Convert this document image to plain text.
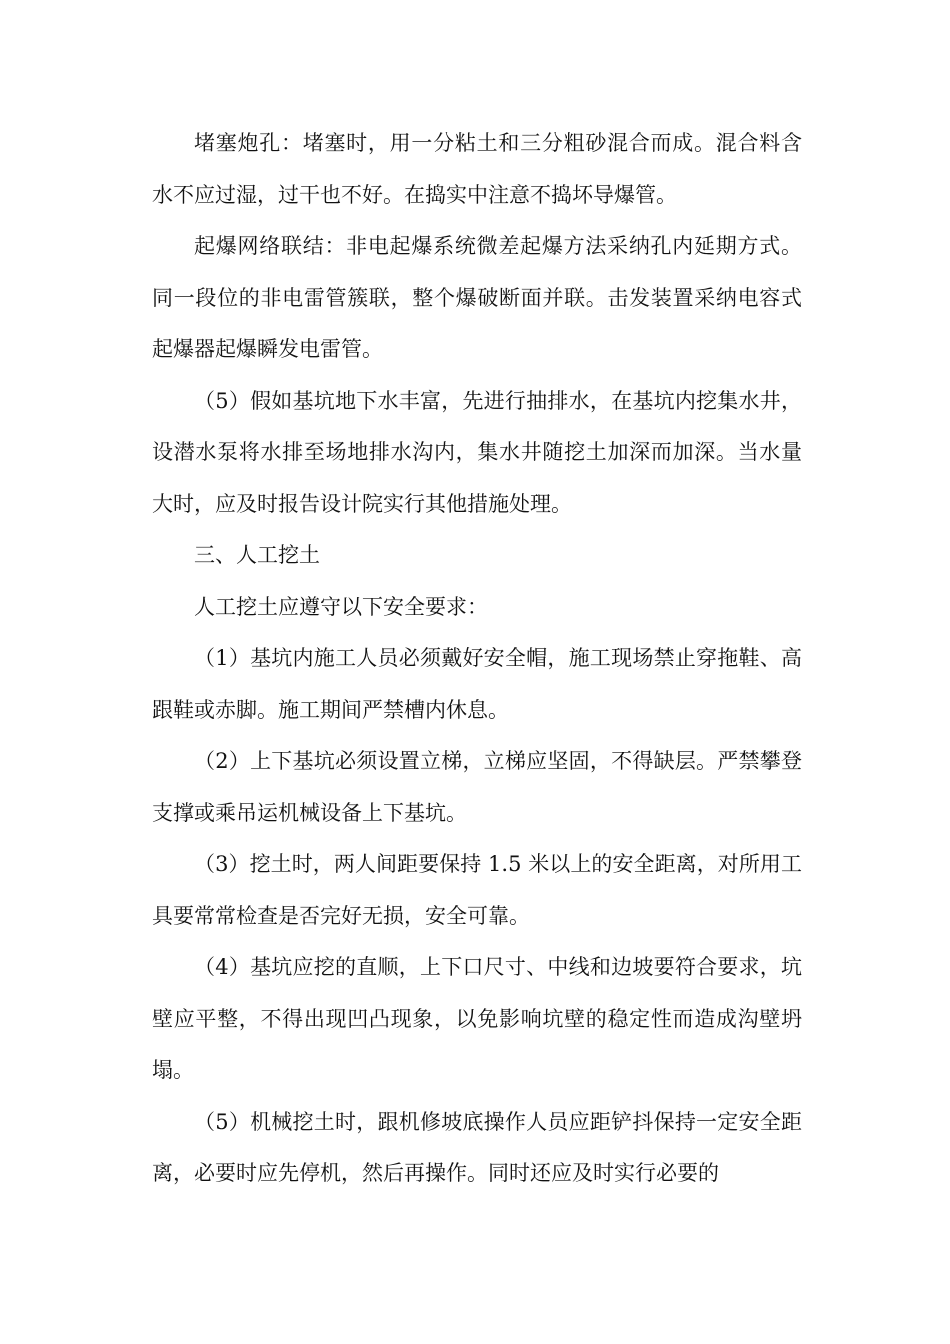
堵塞炮孔：堵塞时，用一分粘土和三分粗砂混合而成。混合料含水不应过湿，过干也不好。在捣实中注意不捣坏导爆管。

起爆网络联结：非电起爆系统微差起爆方法采纳孔内延期方式。同一段位的非电雷管簇联，整个爆破断面并联。击发装置采纳电容式起爆器起爆瞬发电雷管。

（5）假如基坑地下水丰富，先进行抽排水，在基坑内挖集水井，设潜水泵将水排至场地排水沟内，集水井随挖土加深而加深。当水量大时，应及时报告设计院实行其他措施处理。

三、人工挖土

人工挖土应遵守以下安全要求：

（1）基坑内施工人员必须戴好安全帽，施工现场禁止穿拖鞋、高跟鞋或赤脚。施工期间严禁槽内休息。

（2）上下基坑必须设置立梯，立梯应坚固，不得缺层。严禁攀登支撑或乘吊运机械设备上下基坑。

（3）挖土时，两人间距要保持 1.5 米以上的安全距离，对所用工具要常常检查是否完好无损，安全可靠。

（4）基坑应挖的直顺，上下口尺寸、中线和边坡要符合要求，坑壁应平整，不得出现凹凸现象，以免影响坑壁的稳定性而造成沟壁坍塌。

（5）机械挖土时，跟机修坡底操作人员应距铲抖保持一定安全距离，必要时应先停机，然后再操作。同时还应及时实行必要的
